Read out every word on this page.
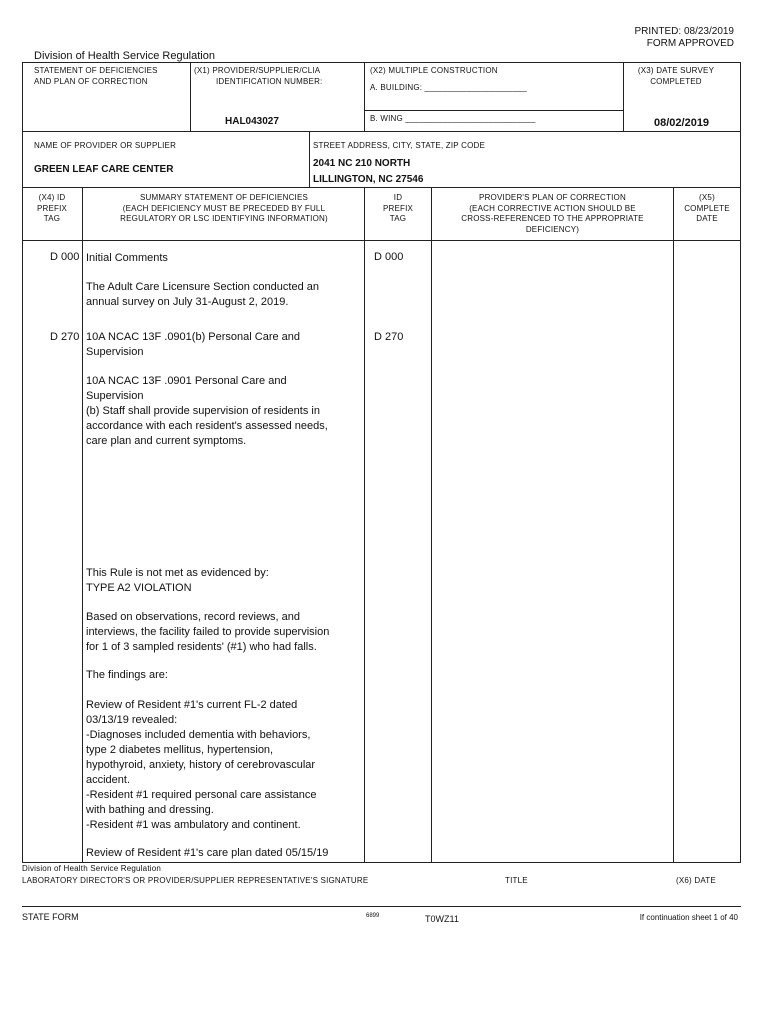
PRINTED: 08/23/2019
FORM APPROVED
Division of Health Service Regulation
STATEMENT OF DEFICIENCIES
AND PLAN OF CORRECTION
(X1) PROVIDER/SUPPLIER/CLIA
IDENTIFICATION NUMBER:
HAL043027
(X2) MULTIPLE CONSTRUCTION
A. BUILDING: ______________________
B. WING ____________________________
(X3) DATE SURVEY
COMPLETED
08/02/2019
NAME OF PROVIDER OR SUPPLIER
GREEN LEAF CARE CENTER
STREET ADDRESS, CITY, STATE, ZIP CODE
2041 NC 210 NORTH
LILLINGTON, NC 27546
(X4) ID
PREFIX
TAG
SUMMARY STATEMENT OF DEFICIENCIES
(EACH DEFICIENCY MUST BE PRECEDED BY FULL
REGULATORY OR LSC IDENTIFYING INFORMATION)
ID
PREFIX
TAG
PROVIDER'S PLAN OF CORRECTION
(EACH CORRECTIVE ACTION SHOULD BE
CROSS-REFERENCED TO THE APPROPRIATE
DEFICIENCY)
(X5)
COMPLETE
DATE
D 000 Initial Comments	D 000
The Adult Care Licensure Section conducted an
annual survey on July 31-August 2, 2019.
D 270 10A NCAC 13F .0901(b) Personal Care and
Supervision
D 270
10A NCAC 13F .0901 Personal Care and
Supervision
(b) Staff shall provide supervision of residents in
accordance with each resident's assessed needs,
care plan and current symptoms.
This Rule is not met as evidenced by:
TYPE A2 VIOLATION
Based on observations, record reviews, and
interviews, the facility failed to provide supervision
for 1 of 3 sampled residents' (#1) who had falls.
The findings are:
Review of Resident #1's current FL-2 dated
03/13/19 revealed:
-Diagnoses included dementia with behaviors,
type 2 diabetes mellitus, hypertension,
hypothyroid, anxiety, history of cerebrovascular
accident.
-Resident #1 required personal care assistance
with bathing and dressing.
-Resident #1 was ambulatory and continent.
Review of Resident #1's care plan dated 05/15/19
Division of Health Service Regulation
LABORATORY DIRECTOR'S OR PROVIDER/SUPPLIER REPRESENTATIVE'S SIGNATURE	TITLE	(X6) DATE
STATE FORM	6899	T0WZ11	If continuation sheet 1 of 40
